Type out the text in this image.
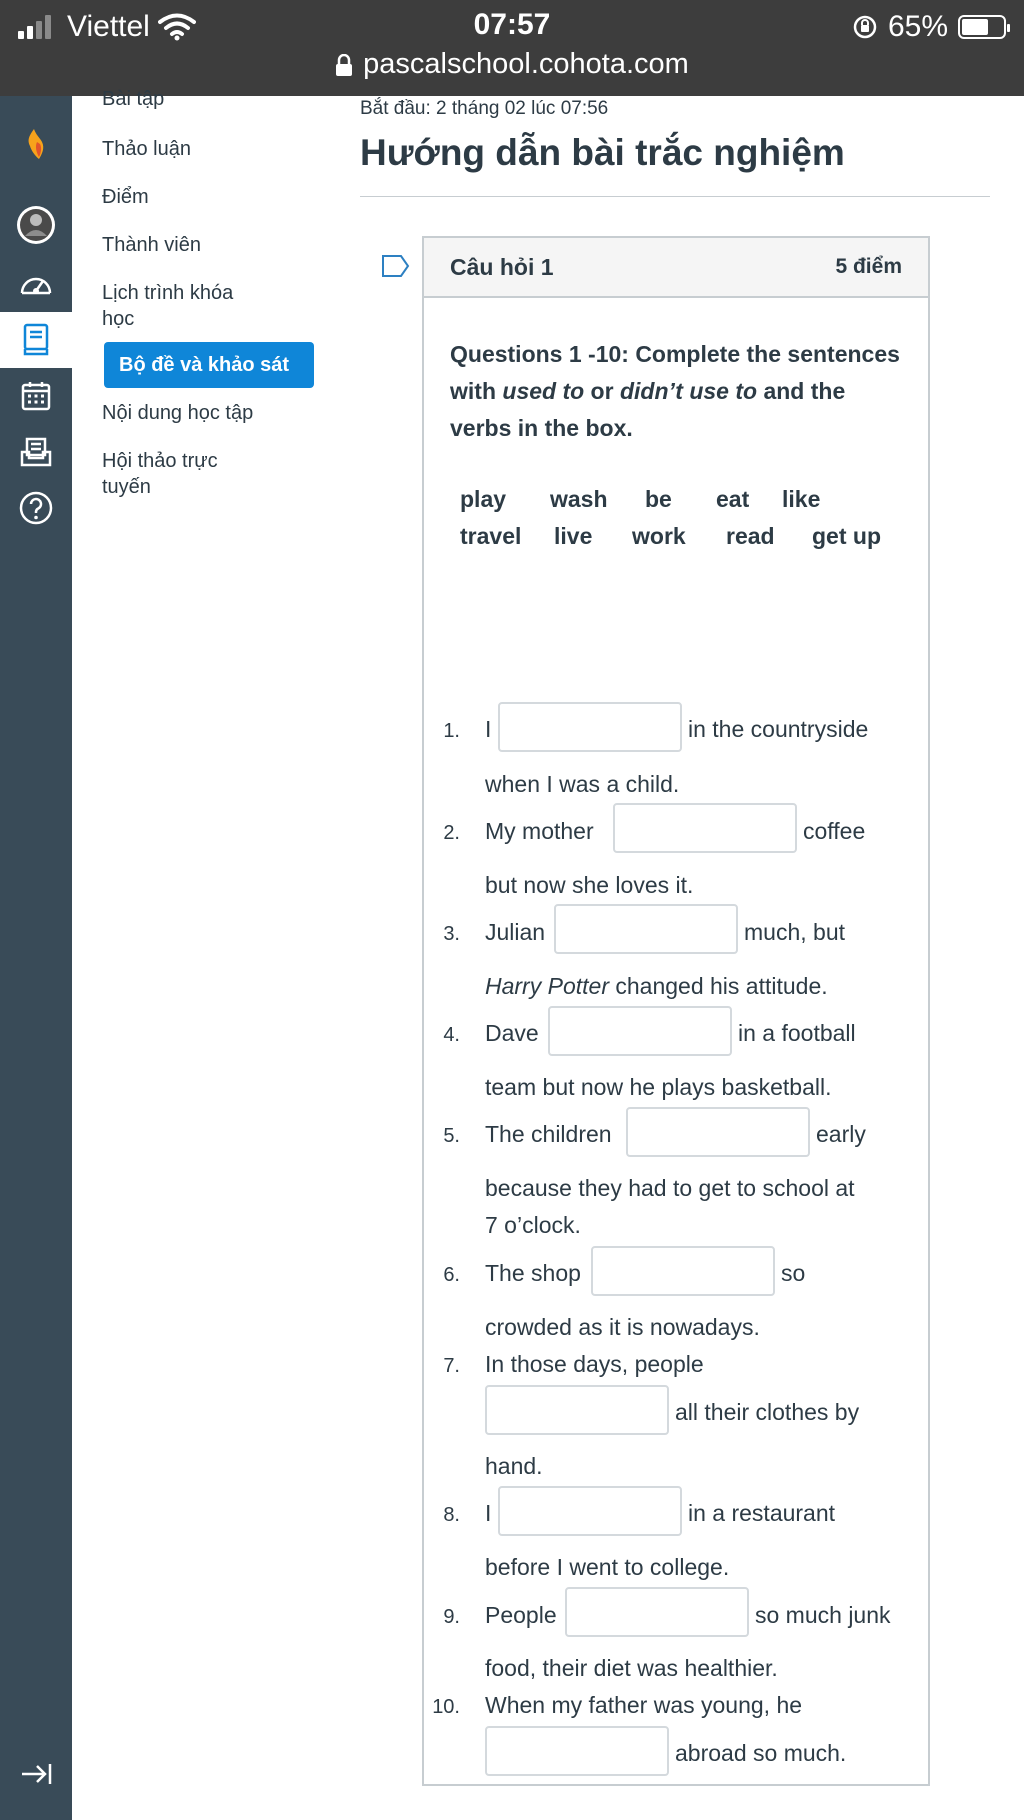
Viettel	07:57	65%
pascalschool.cohota.com
Bài tập
Thảo luận
Điểm
Thành viên
Lịch trình khóa học
Bộ đề và khảo sát
Nội dung học tập
Hội thảo trực tuyến
Bắt đầu: 2 tháng 02 lúc 07:56
Hướng dẫn bài trắc nghiệm
Câu hỏi 1	5 điểm
Questions 1 -10: Complete the sentences with used to or didn’t use to and the verbs in the box.
play wash be eat like
travel live work read get up
1. I	in the countryside
when I was a child.
2. My mother	coffee
but now she loves it.
3. Julian	much, but
Harry Potter changed his attitude.
4. Dave	in a football
team but now he plays basketball.
5. The children	early
because they had to get to school at
7 o’clock.
6. The shop	so
crowded as it is nowadays.
7. In those days, people
all their clothes by
hand.
8. I	in a restaurant
before I went to college.
9. People	so much junk
food, their diet was healthier.
10. When my father was young, he
abroad so much.
